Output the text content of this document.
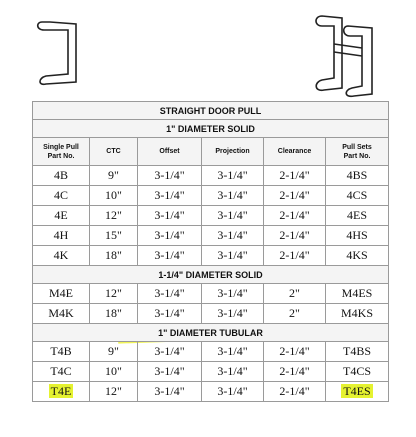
STRAIGHT DOOR PULL					
1" DIAMETER SOLID					
Single Pull
Part No.	CTC	Offset	Projection	Clearance	Pull Sets
Part No.
4B	9"	3-1/4"	3-1/4"	2-1/4"	4BS
4C	10"	3-1/4"	3-1/4"	2-1/4"	4CS
4E	12"	3-1/4"	3-1/4"	2-1/4"	4ES
4H	15"	3-1/4"	3-1/4"	2-1/4"	4HS
4K	18"	3-1/4"	3-1/4"	2-1/4"	4KS
1-1/4" DIAMETER SOLID					
M4E	12"	3-1/4"	3-1/4"	2"	M4ES
M4K	18"	3-1/4"	3-1/4"	2"	M4KS
1" DIAMETER TUBULAR					
T4B	9"	3-1/4"	3-1/4"	2-1/4"	T4BS
T4C	10"	3-1/4"	3-1/4"	2-1/4"	T4CS
T4E	12"	3-1/4"	3-1/4"	2-1/4"	T4ES
